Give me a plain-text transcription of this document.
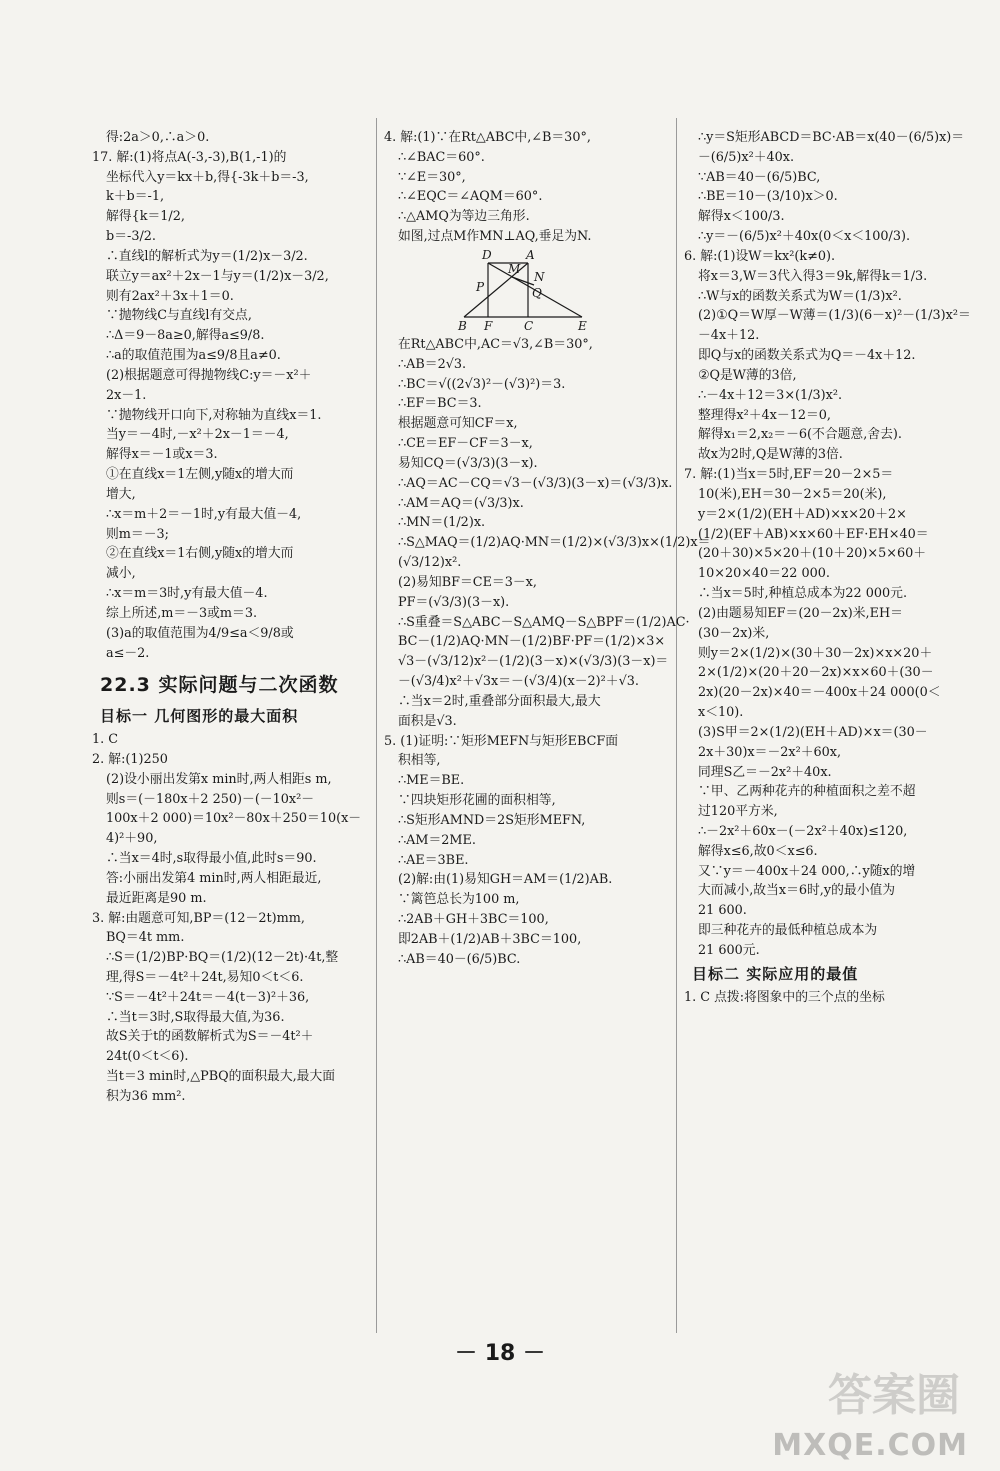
得:2a＞0,∴a＞0.
17. 解:(1)将点A(-3,-3),B(1,-1)的
坐标代入y＝kx＋b,得{-3k＋b＝-3,
k＋b＝-1,
解得{k＝1/2,
b＝-3/2.
∴直线l的解析式为y＝(1/2)x－3/2.
联立y＝ax²＋2x－1与y＝(1/2)x－3/2,
则有2ax²＋3x＋1＝0.
∵抛物线C与直线l有交点,
∴Δ＝9－8a≥0,解得a≤9/8.
∴a的取值范围为a≤9/8且a≠0.
(2)根据题意可得抛物线C:y＝－x²＋
2x－1.
∵抛物线开口向下,对称轴为直线x＝1.
当y＝－4时,－x²＋2x－1＝－4,
解得x＝－1或x＝3.
①在直线x＝1左侧,y随x的增大而
增大,
∴x＝m＋2＝－1时,y有最大值－4,
则m＝－3;
②在直线x＝1右侧,y随x的增大而
减小,
∴x＝m＝3时,y有最大值－4.
综上所述,m＝－3或m＝3.
(3)a的取值范围为4/9≤a＜9/8或
a≤－2.
22.3 实际问题与二次函数
目标一 几何图形的最大面积
1. C
2. 解:(1)250
(2)设小丽出发第x min时,两人相距s m,
则s＝(－180x＋2 250)－(－10x²－
100x＋2 000)＝10x²－80x＋250＝10(x－
4)²＋90,
∴当x＝4时,s取得最小值,此时s＝90.
答:小丽出发第4 min时,两人相距最近,
最近距离是90 m.
3. 解:由题意可知,BP＝(12－2t)mm,
BQ＝4t mm.
∴S＝(1/2)BP·BQ＝(1/2)(12－2t)·4t,整
理,得S＝－4t²＋24t,易知0＜t＜6.
∵S＝－4t²＋24t＝－4(t－3)²＋36,
∴当t＝3时,S取得最大值,为36.
故S关于t的函数解析式为S＝－4t²＋
24t(0＜t＜6).
当t＝3 min时,△PBQ的面积最大,最大面
积为36 mm².
4. 解:(1)∵在Rt△ABC中,∠B＝30°,
∴∠BAC＝60°.
∵∠E＝30°,
∴∠EQC＝∠AQM＝60°.
∴△AMQ为等边三角形.
如图,过点M作MN⊥AQ,垂足为N.
D
M
A
P
N
Q
B F	C	E
在Rt△ABC中,AC＝√3,∠B＝30°,
∴AB＝2√3.
∴BC＝√((2√3)²－(√3)²)＝3.
∴EF＝BC＝3.
根据题意可知CF＝x,
∴CE＝EF－CF＝3－x,
易知CQ＝(√3/3)(3－x).
∴AQ＝AC－CQ＝√3－(√3/3)(3－x)＝(√3/3)x.
∴AM＝AQ＝(√3/3)x.
∴MN＝(1/2)x.
∴S△MAQ＝(1/2)AQ·MN＝(1/2)×(√3/3)x×(1/2)x＝
(√3/12)x².
(2)易知BF＝CE＝3－x,
PF＝(√3/3)(3－x).
∴S重叠＝S△ABC－S△AMQ－S△BPF＝(1/2)AC·
BC－(1/2)AQ·MN－(1/2)BF·PF＝(1/2)×3×
√3－(√3/12)x²－(1/2)(3－x)×(√3/3)(3－x)＝
－(√3/4)x²＋√3x＝－(√3/4)(x－2)²＋√3.
∴当x＝2时,重叠部分面积最大,最大
面积是√3.
5. (1)证明:∵矩形MEFN与矩形EBCF面
积相等,
∴ME＝BE.
∵四块矩形花圃的面积相等,
∴S矩形AMND＝2S矩形MEFN,
∴AM＝2ME.
∴AE＝3BE.
(2)解:由(1)易知GH＝AM＝(1/2)AB.
∵篱笆总长为100 m,
∴2AB＋GH＋3BC＝100,
即2AB＋(1/2)AB＋3BC＝100,
∴AB＝40－(6/5)BC.
∴y＝S矩形ABCD＝BC·AB＝x(40－(6/5)x)＝
－(6/5)x²＋40x.
∵AB＝40－(6/5)BC,
∴BE＝10－(3/10)x＞0.
解得x＜100/3.
∴y＝－(6/5)x²＋40x(0＜x＜100/3).
6. 解:(1)设W＝kx²(k≠0).
将x＝3,W＝3代入得3＝9k,解得k＝1/3.
∴W与x的函数关系式为W＝(1/3)x².
(2)①Q＝W厚－W薄＝(1/3)(6－x)²－(1/3)x²＝
－4x＋12.
即Q与x的函数关系式为Q＝－4x＋12.
②Q是W薄的3倍,
∴－4x＋12＝3×(1/3)x².
整理得x²＋4x－12＝0,
解得x₁＝2,x₂＝－6(不合题意,舍去).
故x为2时,Q是W薄的3倍.
7. 解:(1)当x＝5时,EF＝20－2×5＝
10(米),EH＝30－2×5＝20(米),
y＝2×(1/2)(EH＋AD)×x×20＋2×
(1/2)(EF＋AB)×x×60＋EF·EH×40＝
(20＋30)×5×20＋(10＋20)×5×60＋
10×20×40＝22 000.
∴当x＝5时,种植总成本为22 000元.
(2)由题易知EF＝(20－2x)米,EH＝
(30－2x)米,
则y＝2×(1/2)×(30＋30－2x)×x×20＋
2×(1/2)×(20＋20－2x)×x×60＋(30－
2x)(20－2x)×40＝－400x＋24 000(0＜
x＜10).
(3)S甲＝2×(1/2)(EH＋AD)×x＝(30－
2x＋30)x＝－2x²＋60x,
同理S乙＝－2x²＋40x.
∵甲、乙两种花卉的种植面积之差不超
过120平方米,
∴－2x²＋60x－(－2x²＋40x)≤120,
解得x≤6,故0＜x≤6.
又∵y＝－400x＋24 000,∴y随x的增
大而减小,故当x＝6时,y的最小值为
21 600.
即三种花卉的最低种植总成本为
21 600元.
目标二 实际应用的最值
1. C 点拨:将图象中的三个点的坐标
－ 18 －
答案圈
MXQE.COM
